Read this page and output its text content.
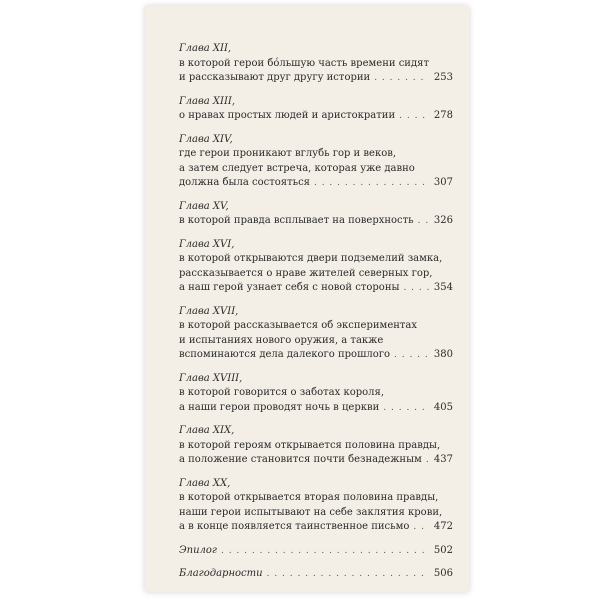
Глава XII,
в которой герои бóльшую часть времени сидят
и рассказывают друг другу истории . . .	253
Глава XIII,
о нравах простых людей и аристократии . . .	278
Глава XIV,
где герои проникают вглубь гор и веков,
а затем следует встреча, которая уже давно
должна была состояться . . .	307
Глава XV,
в которой правда всплывает на поверхность . . . 326
Глава XVI,
в которой открываются двери подземелий замка,
рассказывается о нраве жителей северных гор,
а наш герой узнает себя с новой стороны . . .	354
Глава XVII,
в которой рассказывается об экспериментах
и испытаниях нового оружия, а также
вспоминаются дела далекого прошлого . . .	380
Глава XVIII,
в которой говорится о заботах короля,
а наши герои проводят ночь в церкви . . .	405
Глава XIX,
в которой героям открывается половина правды,
а положение становится почти безнадежным . . . 437
Глава XX,
в которой открывается вторая половина правды,
наши герои испытывают на себе заклятия крови,
а в конце появляется таинственное письмо . . . 472
Эпилог . . .	502
Благодарности . . .	506
